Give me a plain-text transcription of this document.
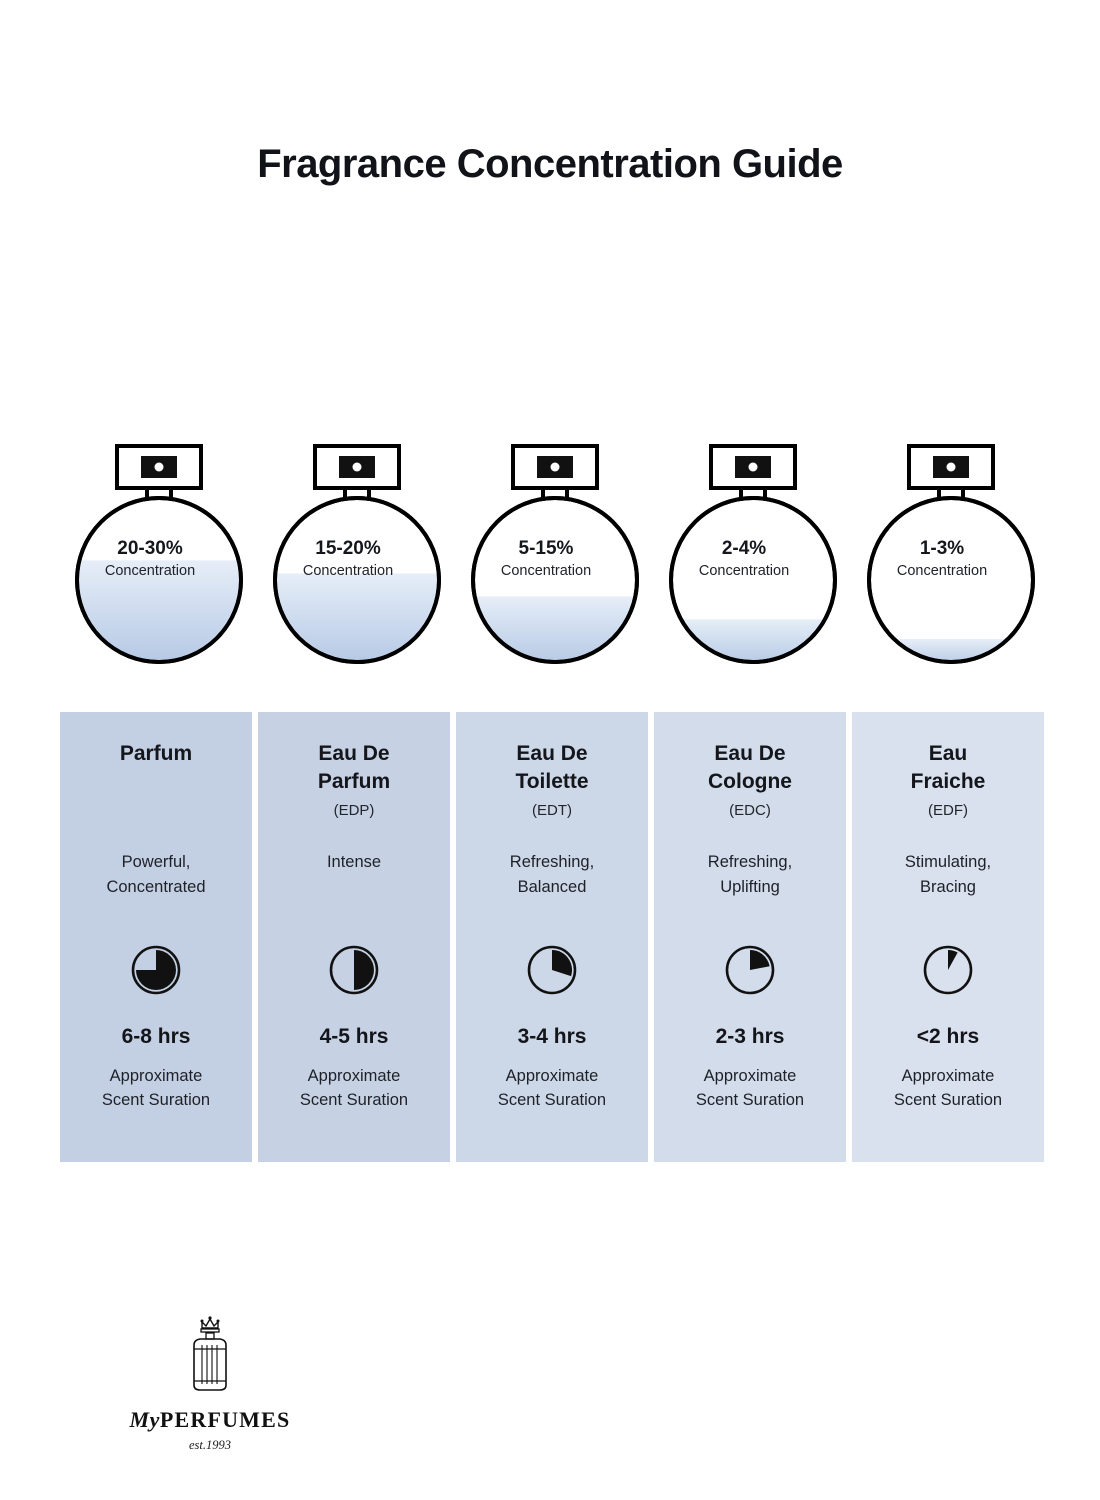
Fragrance Concentration Guide
20-30%
Concentration
15-20%
Concentration
5-15%
Concentration
2-4%
Concentration
1-3%
Concentration
Parfum
Powerful,
Concentrated
6-8 hrs
Approximate
Scent Suration
Eau De
Parfum
(EDP)
Intense
4-5 hrs
Approximate
Scent Suration
Eau De
Toilette
(EDT)
Refreshing,
Balanced
3-4 hrs
Approximate
Scent Suration
Eau De
Cologne
(EDC)
Refreshing,
Uplifting
2-3 hrs
Approximate
Scent Suration
Eau
Fraiche
(EDF)
Stimulating,
Bracing
<2 hrs
Approximate
Scent Suration
MyPERFUMES
est.1993
